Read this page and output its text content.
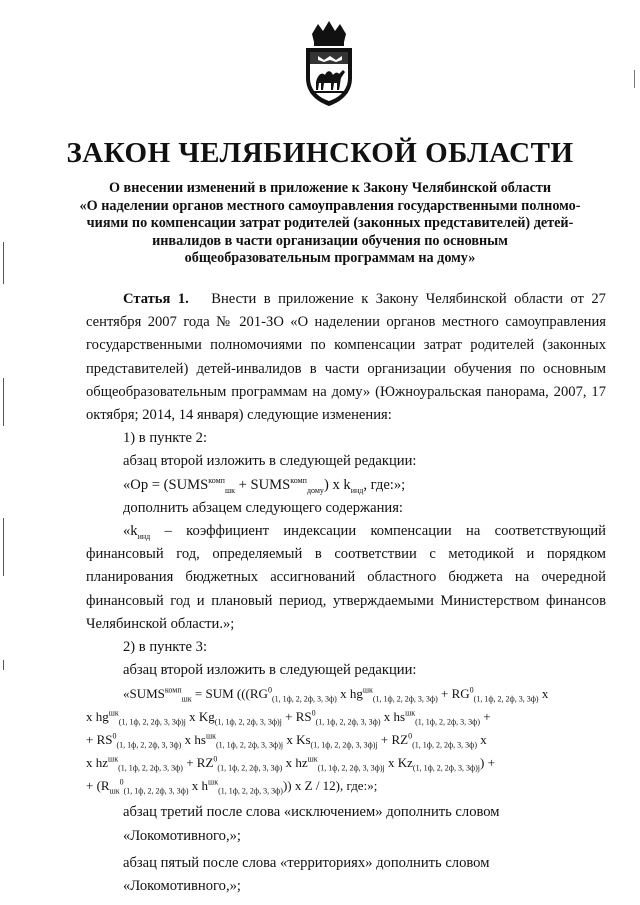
ЗАКОН ЧЕЛЯБИНСКОЙ ОБЛАСТИ
О внесении изменений в приложение к Закону Челябинской области
«О наделении органов местного самоуправления государственными полномо-
чиями по компенсации затрат родителей (законных представителей) детей-
инвалидов в части организации обучения по основным
общеобразовательным программам на дому»

Статья 1. Внести в приложение к Закону Челябинской области от 27 сентября 2007 года № 201-ЗО «О наделении органов местного самоуправления государственными полномочиями по компенсации затрат родителей (законных представителей) детей-инвалидов в части организации обучения по основным общеобразовательным программам на дому» (Южноуральская панорама, 2007, 17 октября; 2014, 14 января) следующие изменения:

1) в пункте 2:

абзац второй изложить в следующей редакции:

«$Op = (SUMS^{комп}_{шк}$ + $SUMS^{комп}_{дому}$) x $k_{инд}$, где:»;

дополнить абзацем следующего содержания:

«$k_{инд}$ – коэффициент индексации компенсации на соответствующий финансовый год, определяемый в соответствии с методикой и порядком планирования бюджетных ассигнований областного бюджета на очередной финансовый год и плановый период, утверждаемыми Министерством финансов Челябинской области.»;

2) в пункте 3:

абзац второй изложить в следующей редакции:

«$SUMS^{комп}_{шк}$ = SUM ((($RG^0_{(1, 1ф, 2, 2ф, 3, 3ф)}$ x $hg^{шк}_{(1, 1ф, 2, 2ф, 3, 3ф)} + RG^0_{(1, 1ф, 2, 2ф, 3, 3ф)}$ x

x $hg^{шк}_{(1, 1ф, 2, 2ф, 3, 3ф)j}$ x $Kg_{(1, 1ф, 2, 2ф, 3, 3ф)j} + RS^0_{(1, 1ф, 2, 2ф, 3, 3ф)}$ x $hs^{шк}_{(1, 1ф, 2, 2ф, 3, 3ф)}$ +

+ $RS^0_{(1, 1ф, 2, 2ф, 3, 3ф)}$ x $hs^{шк}_{(1, 1ф, 2, 2ф, 3, 3ф)j}$ x $Ks_{(1, 1ф, 2, 2ф, 3, 3ф)j} + RZ^0_{(1, 1ф, 2, 2ф, 3, 3ф)}$ x

x $hz^{шк}_{(1, 1ф, 2, 2ф, 3, 3ф)} + RZ^0_{(1, 1ф, 2, 2ф, 3, 3ф)}$ x $hz^{шк}_{(1, 1ф, 2, 2ф, 3, 3ф)j}$ x $Kz_{(1, 1ф, 2, 2ф, 3, 3ф)j}$) +

+ ($R_{шк}^0_{(1, 1ф, 2, 2ф, 3, 3ф)}$ x $h^{шк}_{(1, 1ф, 2, 2ф, 3, 3ф)}$)) x Z / 12), где:»;

абзац третий после слова «исключением» дополнить словом «Локомотивного,»;

абзац пятый после слова «территориях» дополнить словом «Локомотивного,»;
